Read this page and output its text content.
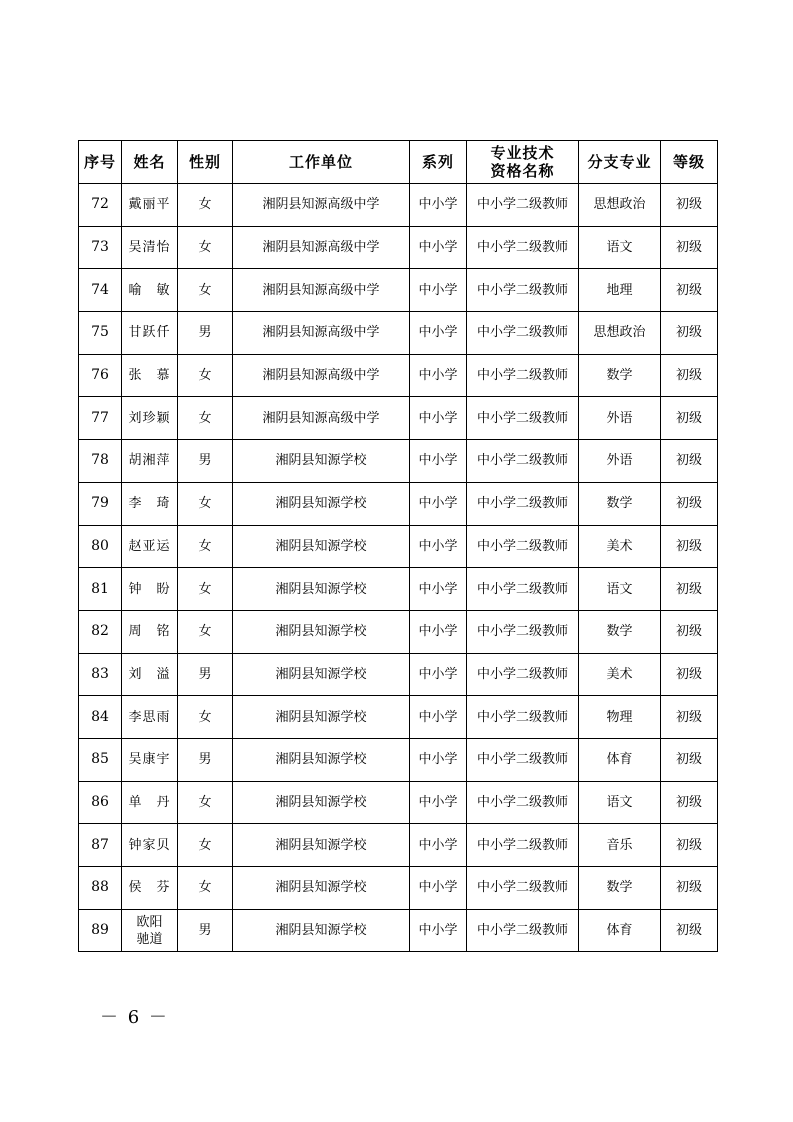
序号	姓名	性别	工作单位	系列	专业技术资格名称	分支专业	等级
72	戴丽平	女	湘阴县知源高级中学	中小学	中小学二级教师	思想政治	初级
73	吴清怡	女	湘阴县知源高级中学	中小学	中小学二级教师	语文	初级
74	喻　敏	女	湘阴县知源高级中学	中小学	中小学二级教师	地理	初级
75	甘跃仟	男	湘阴县知源高级中学	中小学	中小学二级教师	思想政治	初级
76	张　慕	女	湘阴县知源高级中学	中小学	中小学二级教师	数学	初级
77	刘珍颖	女	湘阴县知源高级中学	中小学	中小学二级教师	外语	初级
78	胡湘萍	男	湘阴县知源学校	中小学	中小学二级教师	外语	初级
79	李　琦	女	湘阴县知源学校	中小学	中小学二级教师	数学	初级
80	赵亚运	女	湘阴县知源学校	中小学	中小学二级教师	美术	初级
81	钟　盼	女	湘阴县知源学校	中小学	中小学二级教师	语文	初级
82	周　铭	女	湘阴县知源学校	中小学	中小学二级教师	数学	初级
83	刘　溢	男	湘阴县知源学校	中小学	中小学二级教师	美术	初级
84	李思雨	女	湘阴县知源学校	中小学	中小学二级教师	物理	初级
85	吴康宇	男	湘阴县知源学校	中小学	中小学二级教师	体育	初级
86	单　丹	女	湘阴县知源学校	中小学	中小学二级教师	语文	初级
87	钟家贝	女	湘阴县知源学校	中小学	中小学二级教师	音乐	初级
88	侯　芬	女	湘阴县知源学校	中小学	中小学二级教师	数学	初级
89	欧阳驰道	男	湘阴县知源学校	中小学	中小学二级教师	体育	初级
－ 6 －
